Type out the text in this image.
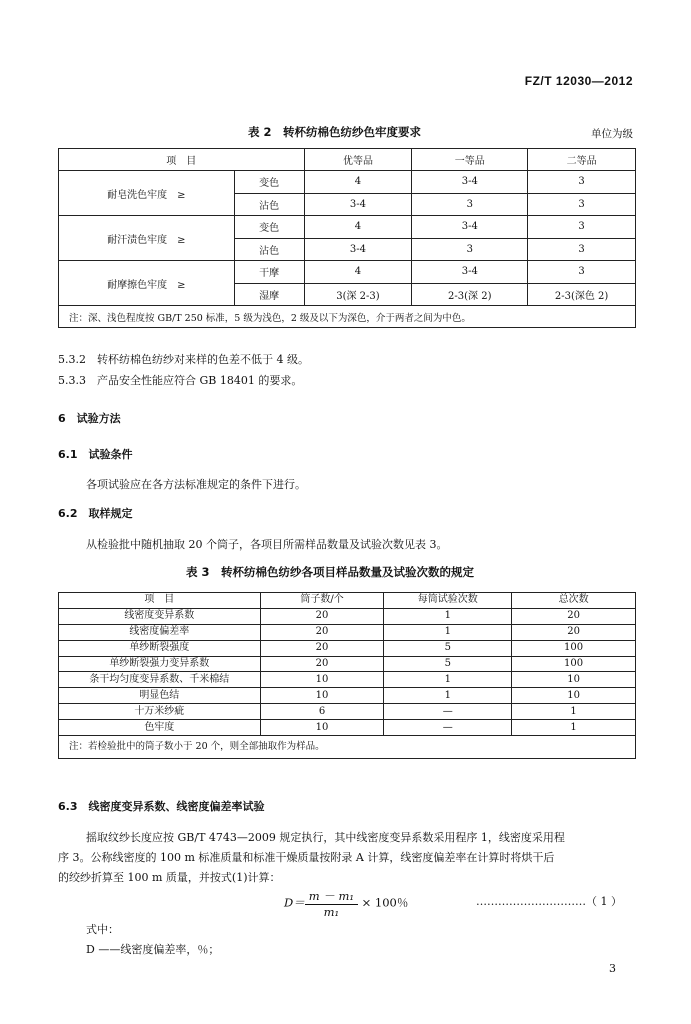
FZ/T 12030—2012
表 2　转杯纺棉色纺纱色牢度要求	单位为级
项　目		优等品	一等品	二等品
耐皂洗色牢度　≥	变色	4	3-4	3
	沾色	3-4	3	3
耐汗渍色牢度　≥	变色	4	3-4	3
	沾色	3-4	3	3
耐摩擦色牢度　≥	干摩	4	3-4	3
	湿摩	3(深 2-3)	2-3(深 2)	2-3(深色 2)
注：深、浅色程度按 GB/T 250 标准，5 级为浅色，2 级及以下为深色，介于两者之间为中色。				
5.3.2　转杯纺棉色纺纱对来样的色差不低于 4 级。
5.3.3　产品安全性能应符合 GB 18401 的要求。
6　试验方法
6.1　试验条件
各项试验应在各方法标准规定的条件下进行。
6.2　取样规定
从检验批中随机抽取 20 个筒子，各项目所需样品数量及试验次数见表 3。
表 3　转杯纺棉色纺纱各项目样品数量及试验次数的规定
项　目	筒子数/个	每筒试验次数	总次数
线密度变异系数	20	1	20
线密度偏差率	20	1	20
单纱断裂强度	20	5	100
单纱断裂强力变异系数	20	5	100
条干均匀度变异系数、千米棉结	10	1	10
明显色结	10	1	10
十万米纱疵	6	—	1
色牢度	10	—	1
注：若检验批中的筒子数小于 20 个，则全部抽取作为样品。			
6.3　线密度变异系数、线密度偏差率试验
摇取纹纱长度应按 GB/T 4743—2009 规定执行，其中线密度变异系数采用程序 1，线密度采用程
序 3。公称线密度的 100 m 标准质量和标准干燥质量按附录 A 计算，线密度偏差率在计算时将烘干后
的绞纱折算至 100 m 质量，并按式(1)计算：
$D= \frac{\text{m － m₁}}{\text{m₁}} \times 100$％	…………………………（ 1 ）
式中：
D ——线密度偏差率，％；
3
